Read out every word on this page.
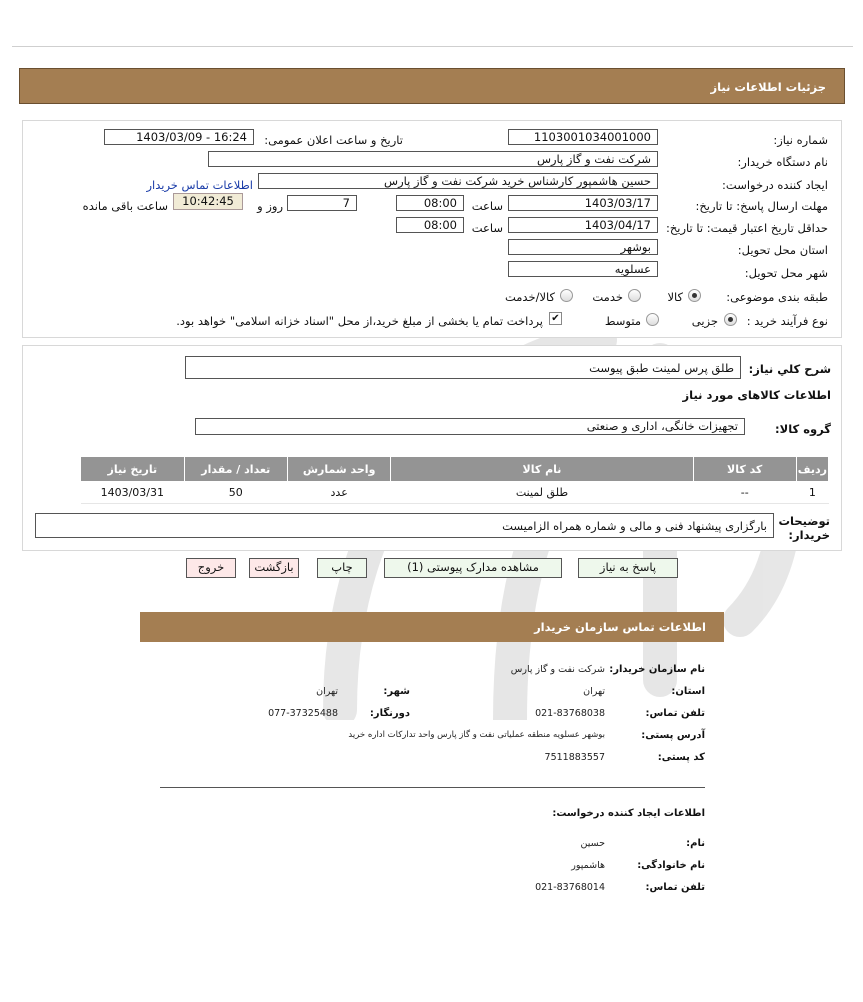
جزئیات اطلاعات نیاز
شماره نیاز:
1103001034001000
تاریخ و ساعت اعلان عمومی:
1403/03/09 - 16:24
نام دستگاه خریدار:
شرکت نفت و گاز پارس
ایجاد کننده درخواست:
حسین هاشمپور کارشناس خرید شرکت نفت و گاز پارس
اطلاعات تماس خریدار
مهلت ارسال پاسخ: تا تاریخ:
1403/03/17
ساعت
08:00
7
روز و
10:42:45
ساعت باقی مانده
حداقل تاریخ اعتبار قیمت: تا تاریخ:
1403/04/17
ساعت
08:00
استان محل تحویل:
بوشهر
شهر محل تحویل:
عسلویه
طبقه بندی موضوعی:
کالا
خدمت
کالا/خدمت
نوع فرآیند خرید :
جزیی
متوسط
✔
پرداخت تمام یا بخشی از مبلغ خرید،از محل "اسناد خزانه اسلامی" خواهد بود.
شرح کلي نیاز:
طلق پرس لمینت طبق پیوست
اطلاعات کالاهای مورد نیاز
گروه کالا:
تجهیزات خانگی، اداری و صنعتی
ردیف	کد کالا	نام کالا	واحد شمارش	تعداد / مقدار	تاریخ نیاز
1	--	طلق لمینت	عدد	50	1403/03/31
توضیحات خریدار:
بارگزاری پیشنهاد فنی و مالی و شماره همراه الزامیست
پاسخ به نیاز
مشاهده مدارک پیوستی (1)
چاپ
بازگشت
خروج
اطلاعات تماس سازمان خریدار
نام سازمان خریدار:
شرکت نفت و گاز پارس
استان:
تهران
شهر:
تهران
تلفن تماس:
021-83768038
دورنگار:
077-37325488
آدرس پستی:
بوشهر عسلویه منطقه عملیاتی نفت و گاز پارس واحد تدارکات اداره خرید
کد پستی:
7511883557
اطلاعات ایجاد کننده درخواست:
نام:
حسین
نام خانوادگی:
هاشمپور
تلفن تماس:
021-83768014
